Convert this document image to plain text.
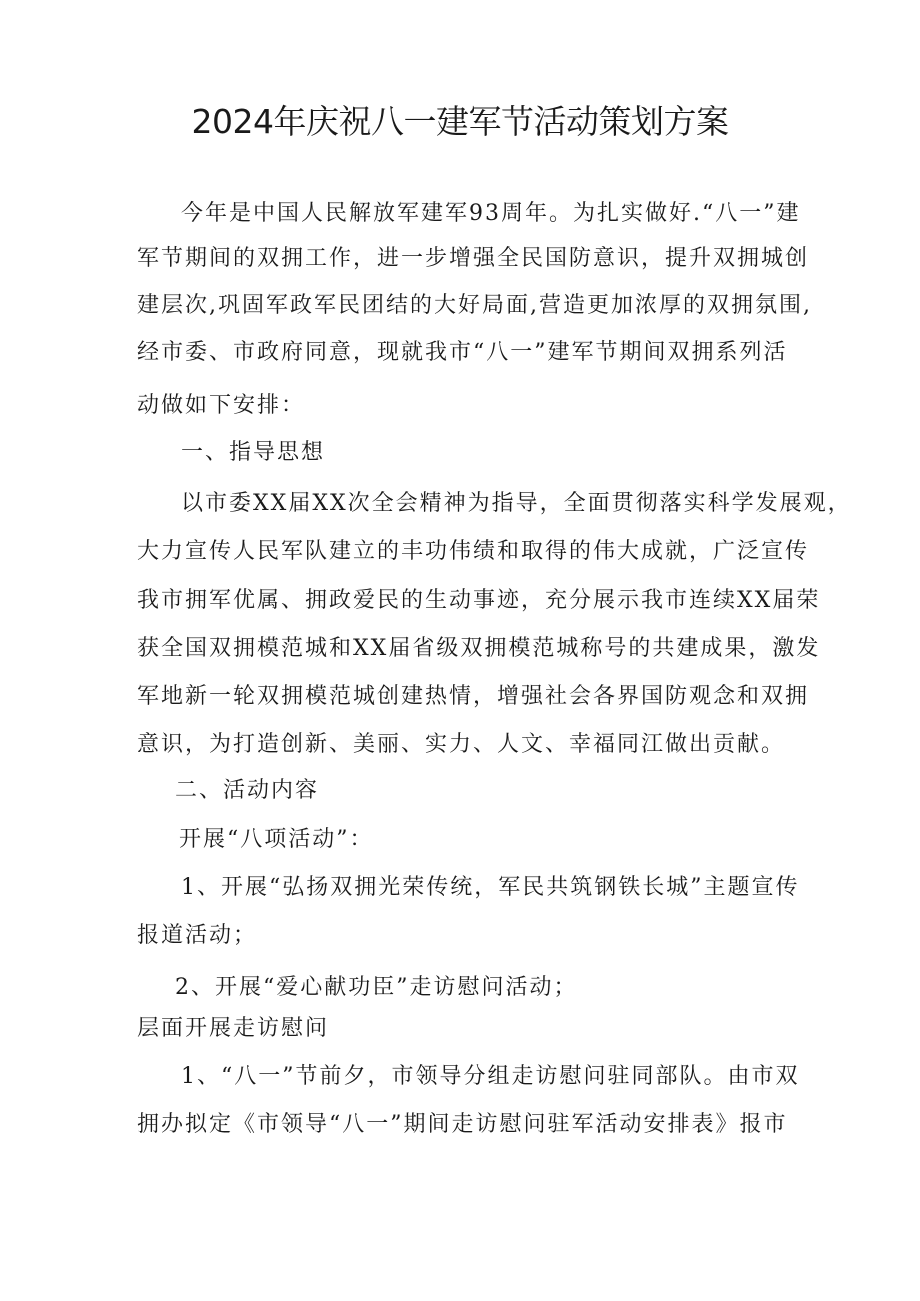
2024年庆祝八一建军节活动策划方案
今年是中国人民解放军建军93周年。为扎实做好.“八一”建
军节期间的双拥工作，进一步增强全民国防意识，提升双拥城创
建层次,巩固军政军民团结的大好局面,营造更加浓厚的双拥氛围,
经市委、市政府同意，现就我市“八一”建军节期间双拥系列活
动做如下安排：
一、指导思想
以市委XX届XX次全会精神为指导，全面贯彻落实科学发展观，
大力宣传人民军队建立的丰功伟绩和取得的伟大成就，广泛宣传
我市拥军优属、拥政爱民的生动事迹，充分展示我市连续XX届荣
获全国双拥模范城和XX届省级双拥模范城称号的共建成果，激发
军地新一轮双拥模范城创建热情，增强社会各界国防观念和双拥
意识，为打造创新、美丽、实力、人文、幸福同江做出贡献。
二、活动内容
开展“八项活动”：
1、开展“弘扬双拥光荣传统，军民共筑钢铁长城”主题宣传
报道活动；
2、开展“爱心献功臣”走访慰问活动；
层面开展走访慰问
1、“八一”节前夕，市领导分组走访慰问驻同部队。由市双
拥办拟定《市领导“八一”期间走访慰问驻军活动安排表》报市
